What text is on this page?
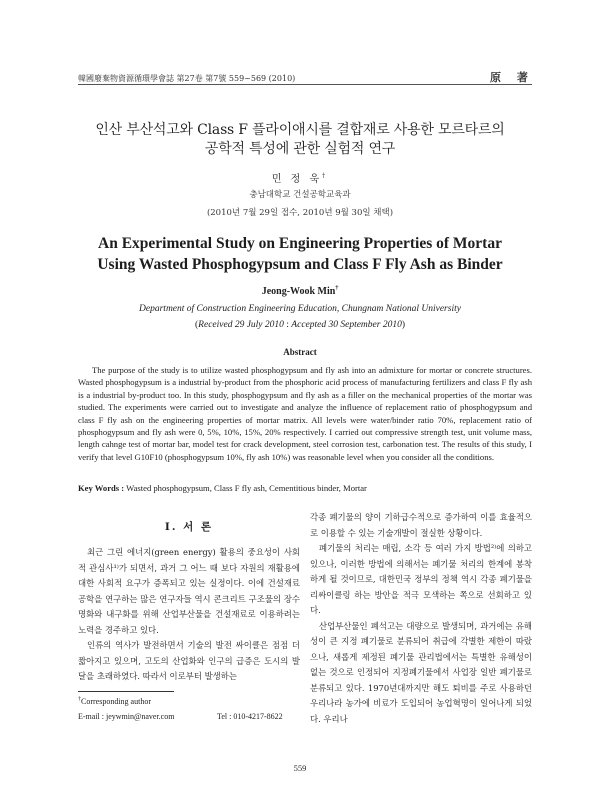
韓國廢棄物資源循環學會誌 第27卷 第7號 559~569 (2010)	原 著
인산 부산석고와 Class F 플라이애시를 결합재로 사용한 모르타르의
공학적 특성에 관한 실험적 연구
민 정 욱†
충남대학교 건설공학교육과
(2010년 7월 29일 접수, 2010년 9월 30일 채택)
An Experimental Study on Engineering Properties of Mortar
Using Wasted Phosphogypsum and Class F Fly Ash as Binder
Jeong-Wook Min†
Department of Construction Engineering Education, Chungnam National University
(Received 29 July 2010 : Accepted 30 September 2010)
Abstract

The purpose of the study is to utilize wasted phosphogypsum and fly ash into an admixture for mortar or concrete structures. Wasted phosphogypsum is a industrial by-product from the phosphoric acid process of manufacturing fertilizers and class F fly ash is a industrial by-product too. In this study, phosphogypsum and fly ash as a filler on the mechanical properties of the mortar was studied. The experiments were carried out to investigate and analyze the influence of replacement ratio of phosphogypsum and class F fly ash on the engineering properties of mortar matrix. All levels were water/binder ratio 70%, replacement ratio of phosphogypsum and fly ash were 0, 5%, 10%, 15%, 20% respectively. I carried out compressive strength test, unit volume mass, length cahnge test of mortar bar, model test for crack development, steel corrosion test, carbonation test. The results of this study, I verify that level G10F10 (phosphogypsum 10%, fly ash 10%) was reasonable level when you consider all the conditions.

Key Words : Wasted phosphogypsum, Class F fly ash, Cementitious binder, Mortar
I. 서 론

최근 그린 에너지(green energy) 활용의 중요성이 사회적 관심사¹⁾가 되면서, 과거 그 어느 때 보다 자원의 재활용에 대한 사회적 요구가 증폭되고 있는 실정이다. 이에 건설재료공학을 연구하는 많은 연구자들 역시 콘크리트 구조물의 장수명화와 내구화를 위해 산업부산물을 건설재료로 이용하려는 노력을 경주하고 있다.

인류의 역사가 발전하면서 기술의 발전 싸이클은 점점 더 짧아지고 있으며, 고도의 산업화와 인구의 급증은 도시의 발달을 초래하였다. 따라서 이로부터 발생하는

각종 폐기물의 양이 기하급수적으로 증가하여 이를 효율적으로 이용할 수 있는 기술개발이 절실한 상황이다.

폐기물의 처리는 매립, 소각 등 여러 가지 방법²⁾에 의하고 있으나, 이러한 방법에 의해서는 폐기물 처리의 한계에 봉착하게 될 것이므로, 대한민국 정부의 정책 역시 각종 폐기물을 리싸이클링 하는 방안을 적극 모색하는 쪽으로 선회하고 있다.

산업부산물인 폐석고는 대량으로 발생되며, 과거에는 유해성이 큰 지정 폐기물로 분류되어 취급에 각별한 제한이 따랐으나, 새롭게 제정된 폐기물 관리법에서는 특별한 유해성이 없는 것으로 인정되어 지정폐기물에서 사업장 일반 폐기물로 분류되고 있다. 1970년대까지만 해도 퇴비를 주로 사용하던 우리나라 농가에 비료가 도입되어 농업혁명이 일어나게 되었다. 우리나

†Corresponding author
E-mail : jeywmin@naver.com	Tel : 010-4217-8622
559
